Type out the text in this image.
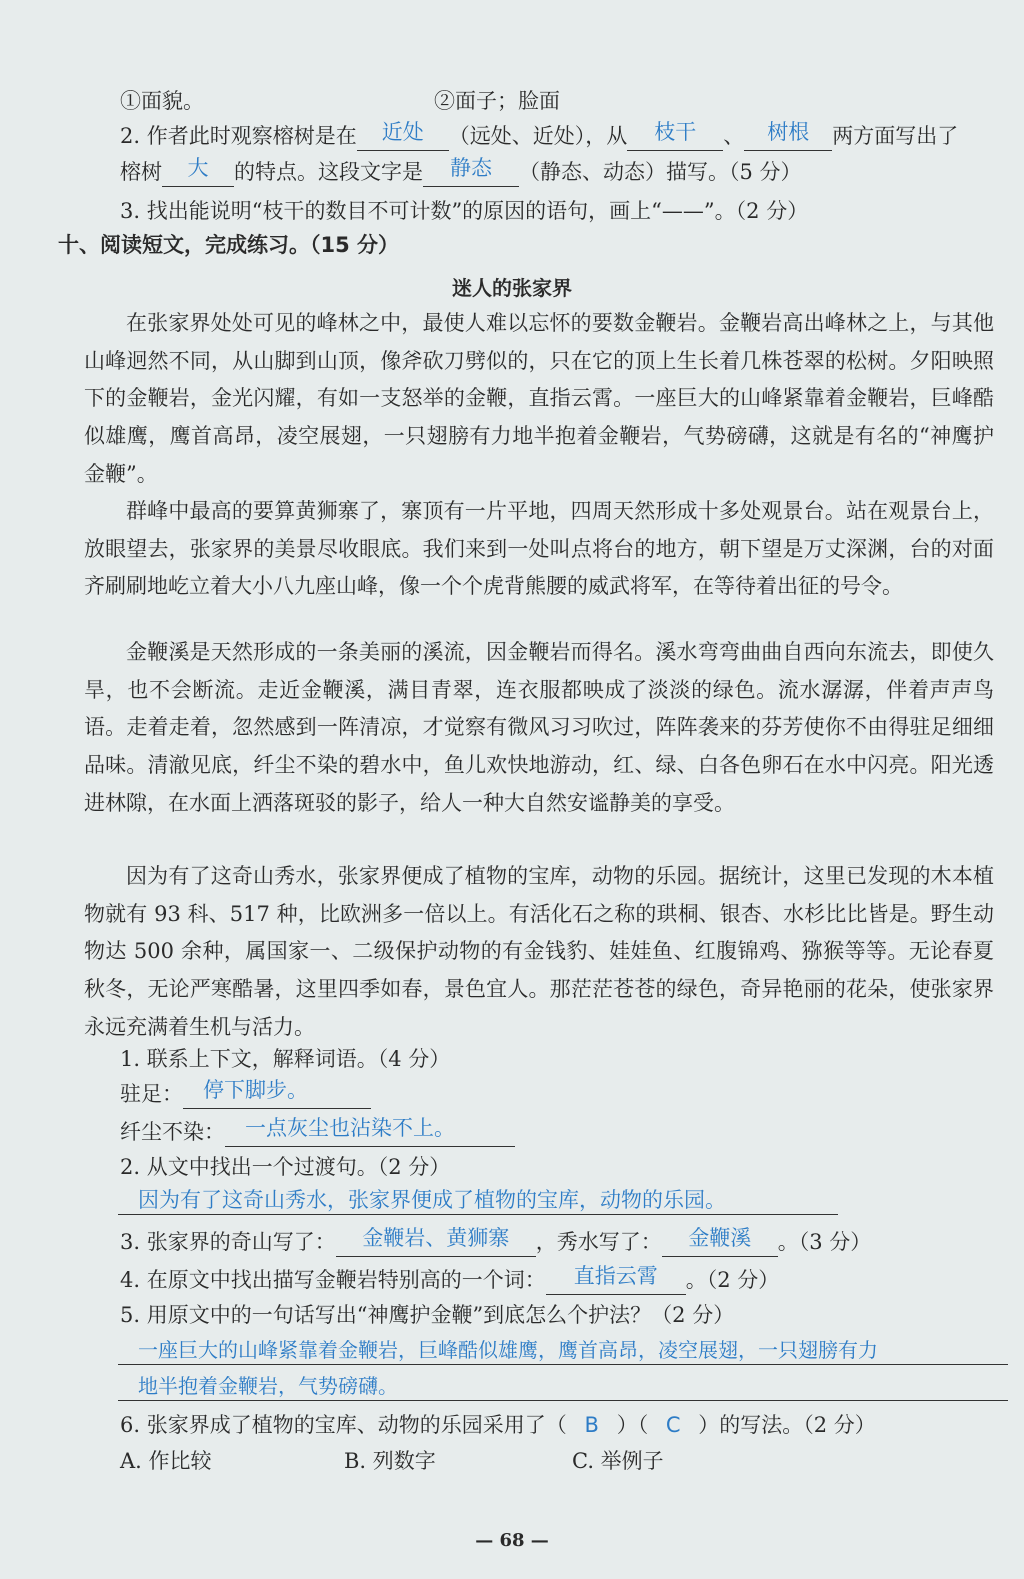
①面貌。	②面子；脸面
2. 作者此时观察榕树是在 近处 （远处、近处），从 枝干 、 树根 两方面写出了
榕树 大 的特点。这段文字是 静态 （静态、动态）描写。（5 分）
3. 找出能说明“枝干的数目不可计数”的原因的语句，画上“——”。（2 分）
十、阅读短文，完成练习。（15 分）
迷人的张家界
在张家界处处可见的峰林之中，最使人难以忘怀的要数金鞭岩。金鞭岩高出峰林之上，与其他山峰迥然不同，从山脚到山顶，像斧砍刀劈似的，只在它的顶上生长着几株苍翠的松树。夕阳映照下的金鞭岩，金光闪耀，有如一支怒举的金鞭，直指云霄。一座巨大的山峰紧靠着金鞭岩，巨峰酷似雄鹰，鹰首高昂，凌空展翅，一只翅膀有力地半抱着金鞭岩，气势磅礴，这就是有名的“神鹰护金鞭”。
群峰中最高的要算黄狮寨了，寨顶有一片平地，四周天然形成十多处观景台。站在观景台上，放眼望去，张家界的美景尽收眼底。我们来到一处叫点将台的地方，朝下望是万丈深渊，台的对面齐刷刷地屹立着大小八九座山峰，像一个个虎背熊腰的威武将军，在等待着出征的号令。
金鞭溪是天然形成的一条美丽的溪流，因金鞭岩而得名。溪水弯弯曲曲自西向东流去，即使久旱，也不会断流。走近金鞭溪，满目青翠，连衣服都映成了淡淡的绿色。流水潺潺，伴着声声鸟语。走着走着，忽然感到一阵清凉，才觉察有微风习习吹过，阵阵袭来的芬芳使你不由得驻足细细品味。清澈见底，纤尘不染的碧水中，鱼儿欢快地游动，红、绿、白各色卵石在水中闪亮。阳光透进林隙，在水面上洒落斑驳的影子，给人一种大自然安谧静美的享受。
因为有了这奇山秀水，张家界便成了植物的宝库，动物的乐园。据统计，这里已发现的木本植物就有 93 科、517 种，比欧洲多一倍以上。有活化石之称的珙桐、银杏、水杉比比皆是。野生动物达 500 余种，属国家一、二级保护动物的有金钱豹、娃娃鱼、红腹锦鸡、猕猴等等。无论春夏秋冬，无论严寒酷暑，这里四季如春，景色宜人。那茫茫苍苍的绿色，奇异艳丽的花朵，使张家界永远充满着生机与活力。
1. 联系上下文，解释词语。（4 分）
驻足： 停下脚步。
纤尘不染： 一点灰尘也沾染不上。
2. 从文中找出一个过渡句。（2 分）
因为有了这奇山秀水，张家界便成了植物的宝库，动物的乐园。
3. 张家界的奇山写了： 金鞭岩、黄狮寨 ，秀水写了： 金鞭溪 。（3 分）
4. 在原文中找出描写金鞭岩特别高的一个词： 直指云霄 。（2 分）
5. 用原文中的一句话写出“神鹰护金鞭”到底怎么个护法？（2 分）
一座巨大的山峰紧靠着金鞭岩，巨峰酷似雄鹰，鹰首高昂，凌空展翅，一只翅膀有力
地半抱着金鞭岩，气势磅礴。
6. 张家界成了植物的宝库、动物的乐园采用了（ B ）（ C ）的写法。（2 分）
A. 作比较	B. 列数字	C. 举例子
— 68 —
